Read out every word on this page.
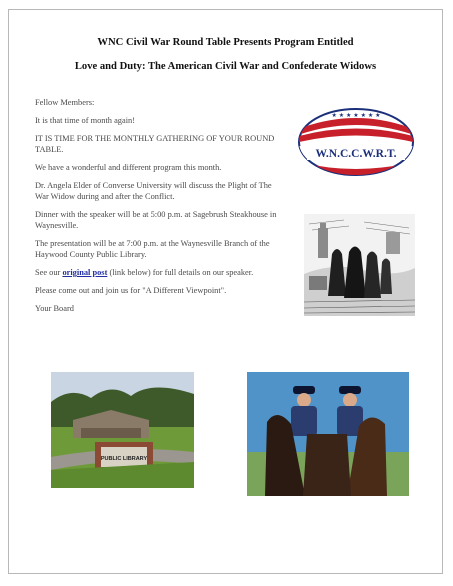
WNC Civil War Round Table Presents Program Entitled
Love and Duty: The American Civil War and Confederate Widows

Fellow Members:

It is that time of month again!

IT IS TIME FOR THE MONTHLY GATHERING OF YOUR ROUND TABLE.

We have a wonderful and different program this month.

Dr. Angela Elder of Converse University will discuss the Plight of The War Widow during and after the Conflict.

Dinner with the speaker will be at 5:00 p.m. at Sagebrush Steakhouse in Waynesville.

The presentation will be at 7:00 p.m. at the Waynesville Branch of the Haywood County Public Library.

See our original post (link below) for full details on our speaker.

Please come out and join us for "A Different Viewpoint".

Your Board

★ ★ ★ ★ ★ ★ ★
W.N.C.C.W.R.T.
PUBLIC LIBRARY
